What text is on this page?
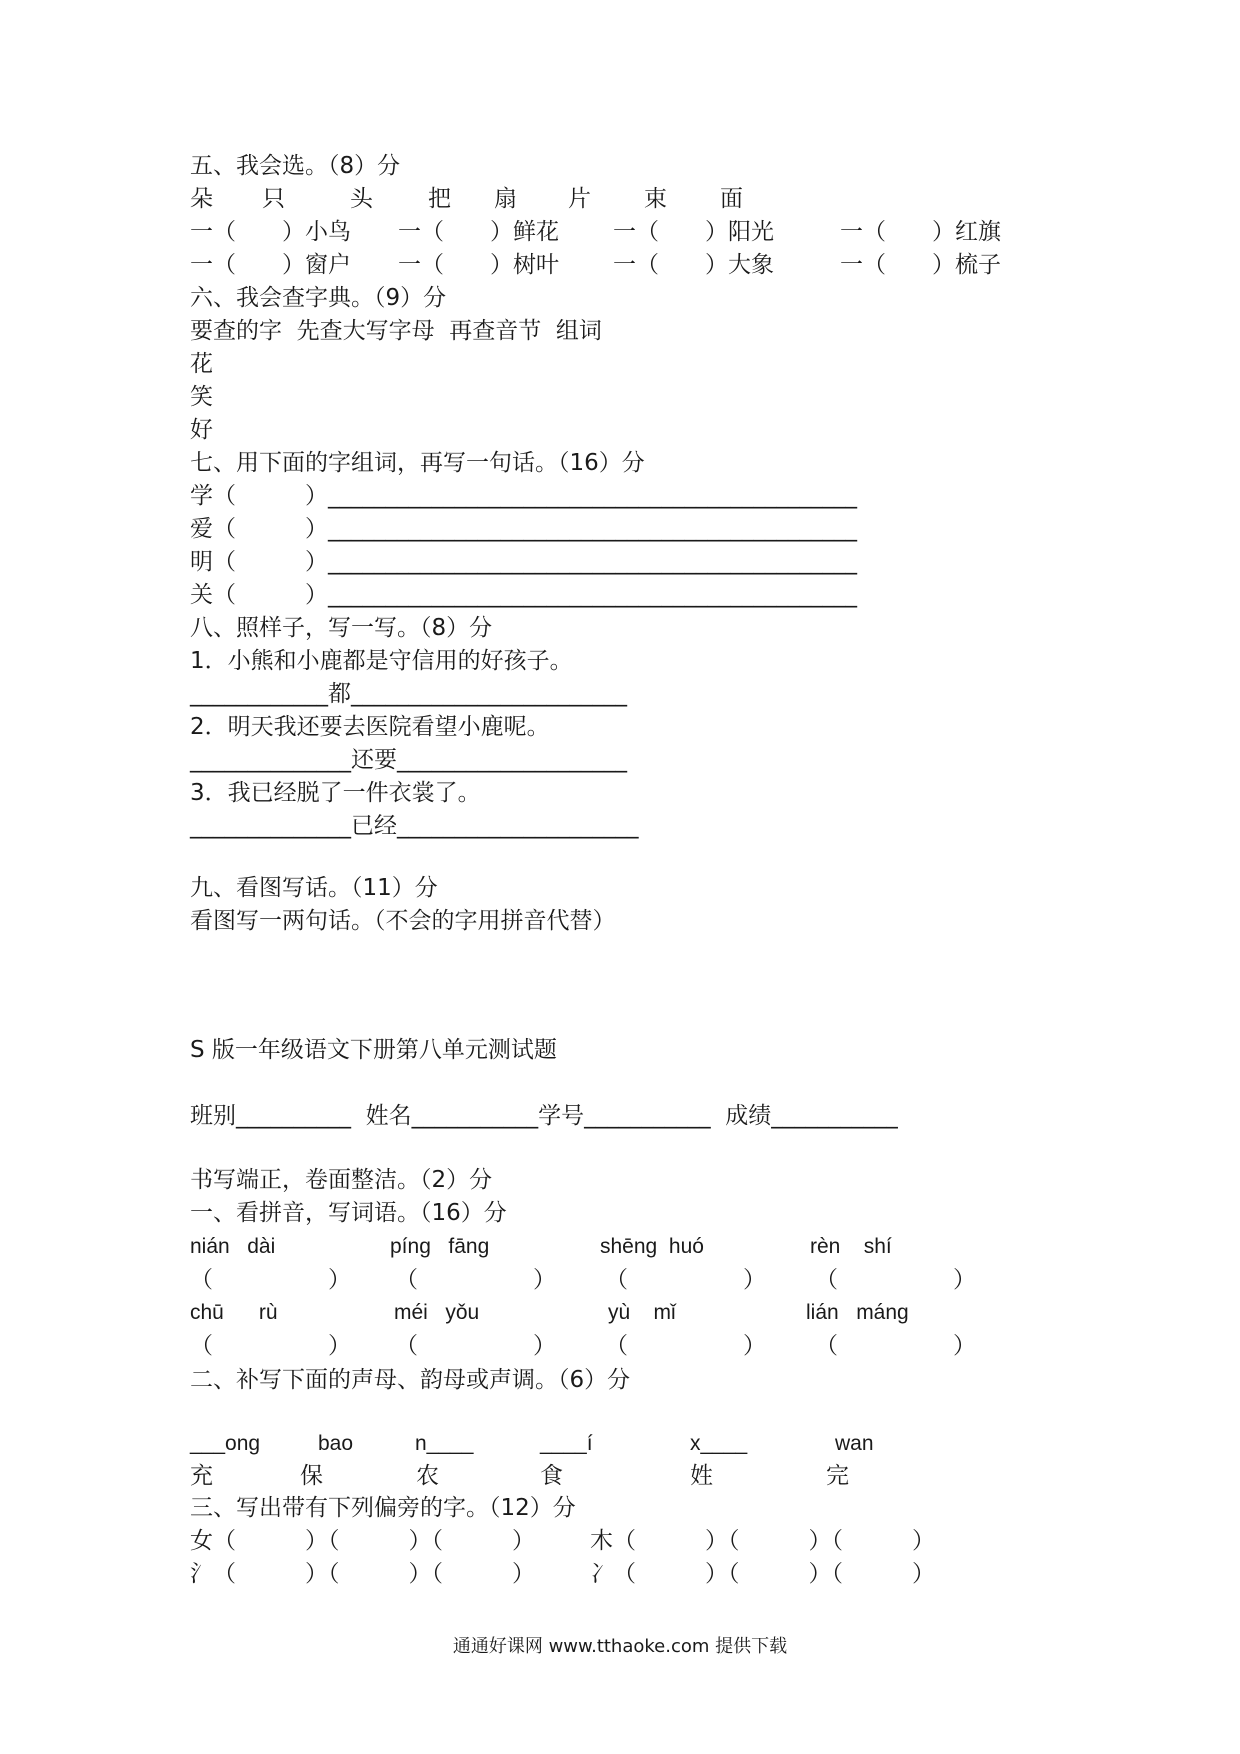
五、我会选。（8）分
朵 只	头 把 扇 片 束 面
一（　　）小鸟 一（　　）鲜花 一（　　）阳光	一（　　）红旗
一（　　）窗户 一（　　）树叶 一（　　）大象	一（　　）梳子
六、我会查字典。（9）分
要查的字  先查大写字母  再查音节  组词
花
笑
好
七、用下面的字组词，再写一句话。（16）分
学（　　　）______________________________________________
爱（　　　）______________________________________________
明（　　　）______________________________________________
关（　　　）______________________________________________
八、照样子，写一写。（8）分
1．小熊和小鹿都是守信用的好孩子。
____________都________________________
2．明天我还要去医院看望小鹿呢。
______________还要____________________
3．我已经脱了一件衣裳了。
______________已经_____________________
九、看图写话。（11）分
看图写一两句话。（不会的字用拼音代替）
S 版一年级语文下册第八单元测试题
班别__________  姓名___________学号___________  成绩___________
书写端正，卷面整洁。（2）分
一、看拼音，写词语。（16）分
nián   dài	píng   fāng	shēng  huó	rèn    shí
（　　　　　） （　　　　　） （　　　　　） （　　　　　）
chū      rù	méi   yǒu	yù    mǐ	lián   máng
（　　　　　） （　　　　　） （　　　　　） （　　　　　）
二、补写下面的声母、韵母或声调。（6）分
___ong	bao	n____	____í	x____	wan
充	保	农	食	姓	完
三、写出带有下列偏旁的字。（12）分
女（　　　）（　　　）（　　　） 木（　　　）（　　　）（　　　）
氵（　　　）（　　　）（　　　） 冫（　　　）（　　　）（　　　）
通通好课网 www.tthaoke.com 提供下载
